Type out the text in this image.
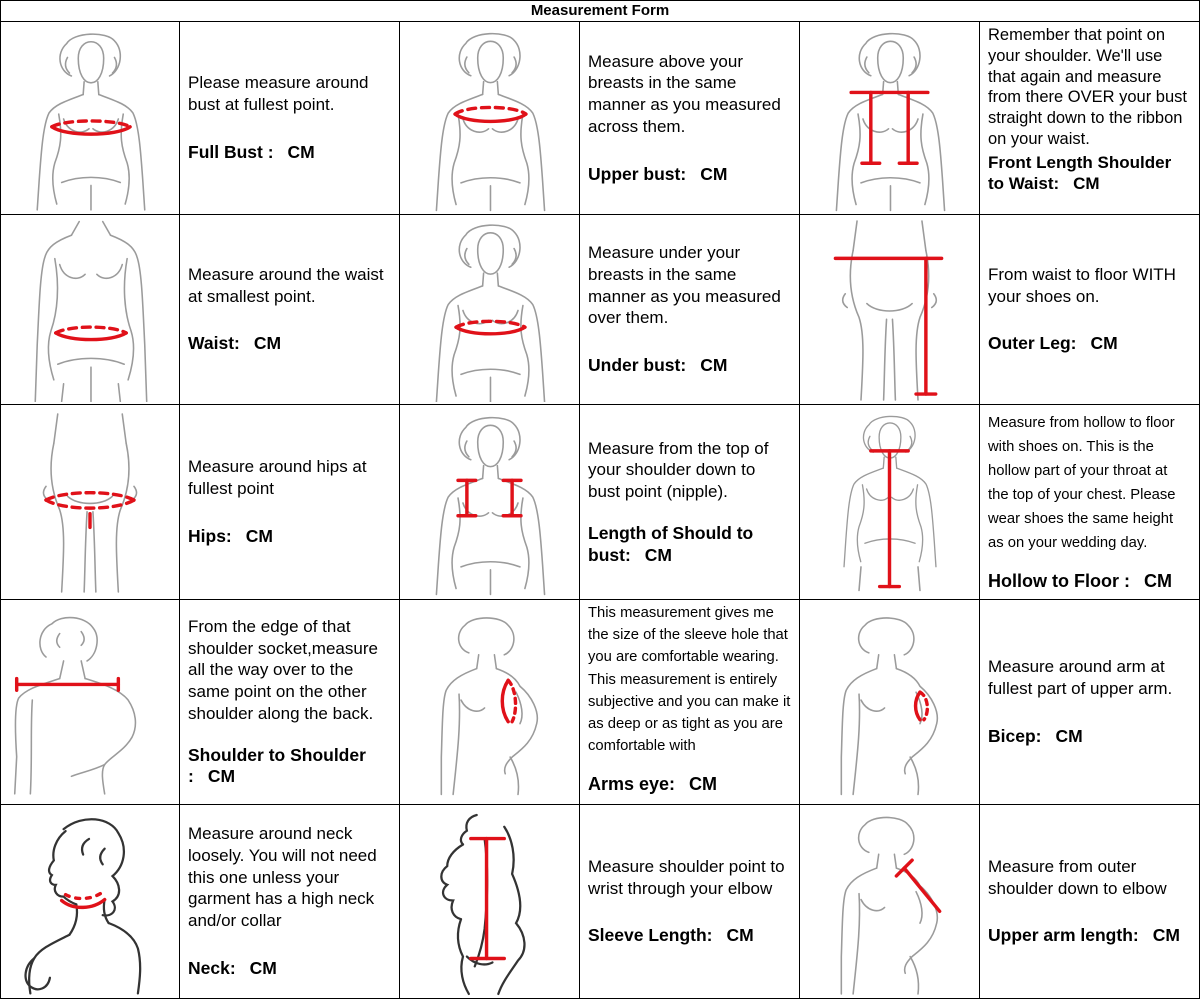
Measurement Form

Please measure around bust at fullest point.

Full Bust : CM

Measure above your breasts in the same manner as you measured across them.

Upper bust: CM

Remember that point on your shoulder. We'll use that again and measure from there OVER your bust straight down to the ribbon on your waist.

Front Length Shoulder to Waist: CM

Measure around the waist at smallest point.

Waist: CM

Measure under your breasts in the same manner as you measured over them.

Under bust: CM

From waist to floor WITH your shoes on.

Outer Leg: CM

Measure around hips at fullest point

Hips: CM

Measure from the top of your shoulder down to bust point (nipple).

Length of Should to bust: CM

Measure from hollow to floor with shoes on. This is the hollow part of your throat at the top of your chest. Please wear shoes the same height as on your wedding day.

Hollow to Floor : CM

From the edge of that shoulder socket,measure all the way over to the same point on the other shoulder along the back.

Shoulder to Shoulder : CM

This measurement gives me the size of the sleeve hole that you are comfortable wearing. This measurement is entirely subjective and you can make it as deep or as tight as you are comfortable with

Arms eye: CM

Measure around arm at fullest part of upper arm.

Bicep: CM

Measure around neck loosely. You will not need this one unless your garment has a high neck and/or collar

Neck: CM

Measure shoulder point to wrist through your elbow

Sleeve Length: CM

Measure from outer shoulder down to elbow

Upper arm length: CM
